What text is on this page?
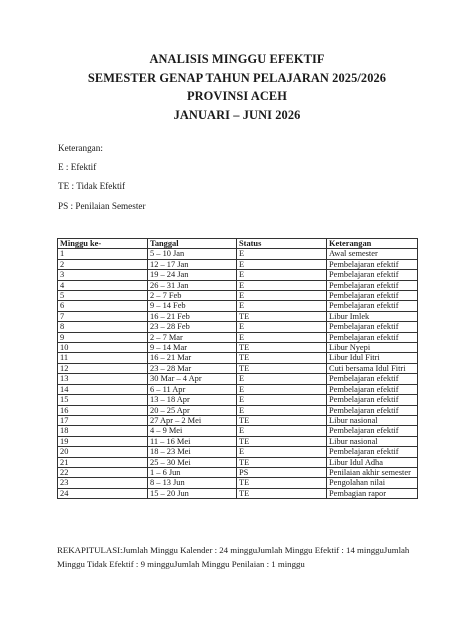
ANALISIS MINGGU EFEKTIF
SEMESTER GENAP TAHUN PELAJARAN 2025/2026
PROVINSI ACEH
JANUARI – JUNI 2026
Keterangan:
E : Efektif
TE : Tidak Efektif
PS : Penilaian Semester
Minggu ke-	Tanggal	Status	Keterangan
1	5 – 10 Jan	E	Awal semester
2	12 – 17 Jan	E	Pembelajaran efektif
3	19 – 24 Jan	E	Pembelajaran efektif
4	26 – 31 Jan	E	Pembelajaran efektif
5	2 – 7 Feb	E	Pembelajaran efektif
6	9 – 14 Feb	E	Pembelajaran efektif
7	16 – 21 Feb	TE	Libur Imlek
8	23 – 28 Feb	E	Pembelajaran efektif
9	2 – 7 Mar	E	Pembelajaran efektif
10	9 – 14 Mar	TE	Libur Nyepi
11	16 – 21 Mar	TE	Libur Idul Fitri
12	23 – 28 Mar	TE	Cuti bersama Idul Fitri
13	30 Mar – 4 Apr	E	Pembelajaran efektif
14	6 – 11 Apr	E	Pembelajaran efektif
15	13 – 18 Apr	E	Pembelajaran efektif
16	20 – 25 Apr	E	Pembelajaran efektif
17	27 Apr – 2 Mei	TE	Libur nasional
18	4 – 9 Mei	E	Pembelajaran efektif
19	11 – 16 Mei	TE	Libur nasional
20	18 – 23 Mei	E	Pembelajaran efektif
21	25 – 30 Mei	TE	Libur Idul Adha
22	1 – 6 Jun	PS	Penilaian akhir semester
23	8 – 13 Jun	TE	Pengolahan nilai
24	15 – 20 Jun	TE	Pembagian rapor
REKAPITULASI:Jumlah Minggu Kalender : 24 mingguJumlah Minggu Efektif : 14 mingguJumlah Minggu Tidak Efektif : 9 mingguJumlah Minggu Penilaian : 1 minggu
